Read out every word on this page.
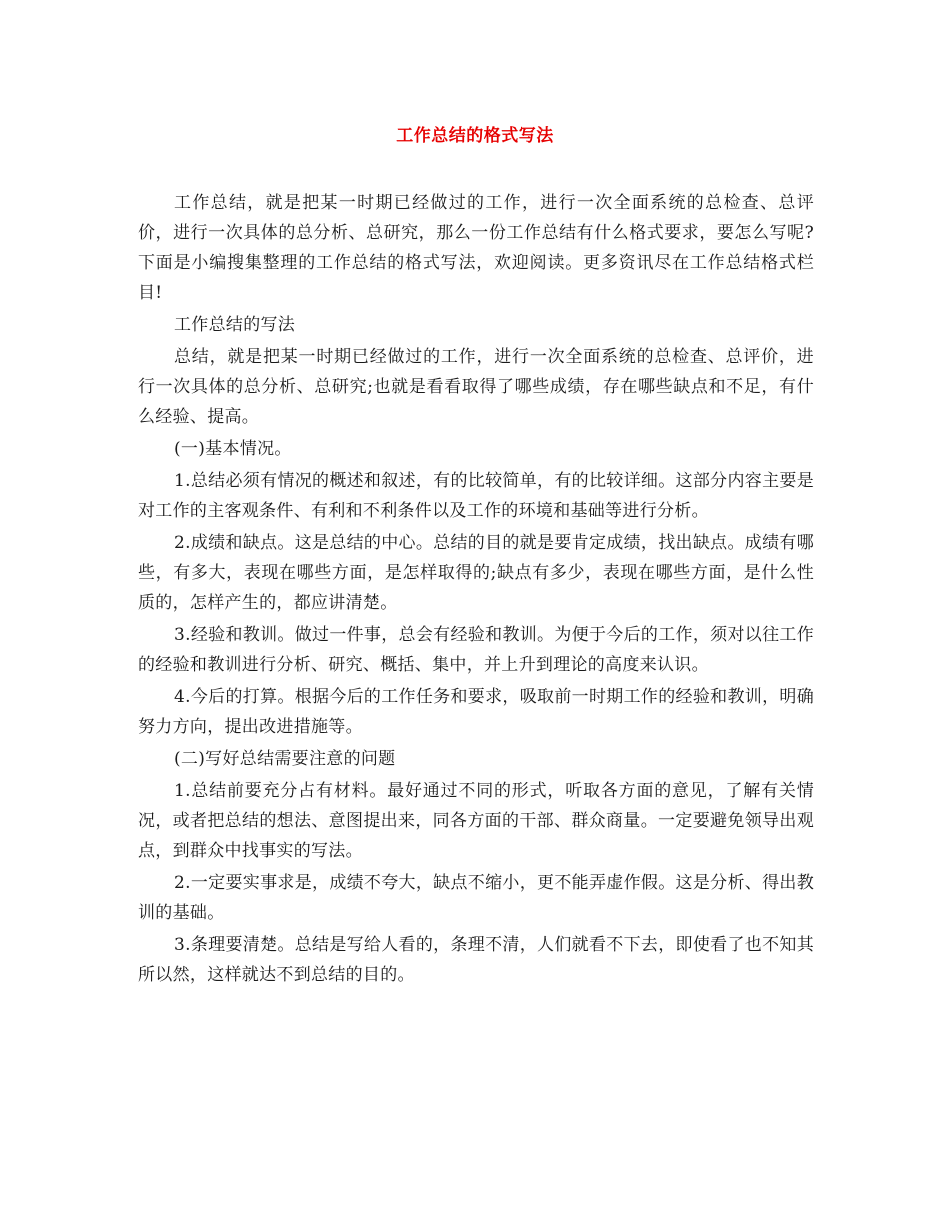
工作总结的格式写法

工作总结，就是把某一时期已经做过的工作，进行一次全面系统的总检查、总评价，进行一次具体的总分析、总研究，那么一份工作总结有什么格式要求，要怎么写呢?下面是小编搜集整理的工作总结的格式写法，欢迎阅读。更多资讯尽在工作总结格式栏目!

工作总结的写法

总结，就是把某一时期已经做过的工作，进行一次全面系统的总检查、总评价，进行一次具体的总分析、总研究;也就是看看取得了哪些成绩，存在哪些缺点和不足，有什么经验、提高。

(一)基本情况。

1.总结必须有情况的概述和叙述，有的比较简单，有的比较详细。这部分内容主要是对工作的主客观条件、有利和不利条件以及工作的环境和基础等进行分析。

2.成绩和缺点。这是总结的中心。总结的目的就是要肯定成绩，找出缺点。成绩有哪些，有多大，表现在哪些方面，是怎样取得的;缺点有多少，表现在哪些方面，是什么性质的，怎样产生的，都应讲清楚。

3.经验和教训。做过一件事，总会有经验和教训。为便于今后的工作，须对以往工作的经验和教训进行分析、研究、概括、集中，并上升到理论的高度来认识。

4.今后的打算。根据今后的工作任务和要求，吸取前一时期工作的经验和教训，明确努力方向，提出改进措施等。

(二)写好总结需要注意的问题

1.总结前要充分占有材料。最好通过不同的形式，听取各方面的意见，了解有关情况，或者把总结的想法、意图提出来，同各方面的干部、群众商量。一定要避免领导出观点，到群众中找事实的写法。

2.一定要实事求是，成绩不夸大，缺点不缩小，更不能弄虚作假。这是分析、得出教训的基础。

3.条理要清楚。总结是写给人看的，条理不清，人们就看不下去，即使看了也不知其所以然，这样就达不到总结的目的。
